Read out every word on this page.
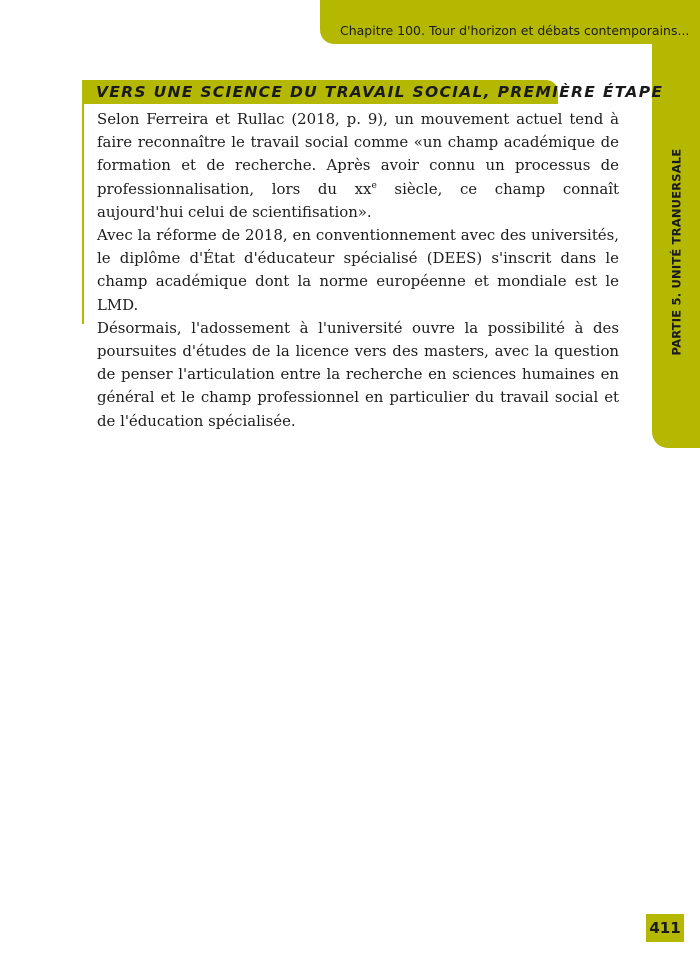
Chapitre 100. Tour d'horizon et débats contemporains...
PARTIE 5. UNITÉ TRANUERSALE
VERS UNE SCIENCE DU TRAVAIL SOCIAL, PREMIÈRE ÉTAPE

Selon Ferreira et Rullac (2018, p. 9), un mouvement actuel tend à faire reconnaître le travail social comme «un champ académique de formation et de recherche. Après avoir connu un processus de professionnalisation, lors du $xx^e$ siècle, ce champ connaît aujourd'hui celui de scientifisation».

Avec la réforme de 2018, en conventionnement avec des universités, le diplôme d'État d'éducateur spécialisé (DEES) s'inscrit dans le champ académique dont la norme européenne et mondiale est le LMD.

Désormais, l'adossement à l'université ouvre la possibilité à des poursuites d'études de la licence vers des masters, avec la question de penser l'articulation entre la recherche en sciences humaines en général et le champ professionnel en particulier du travail social et de l'éducation spécialisée.

411
